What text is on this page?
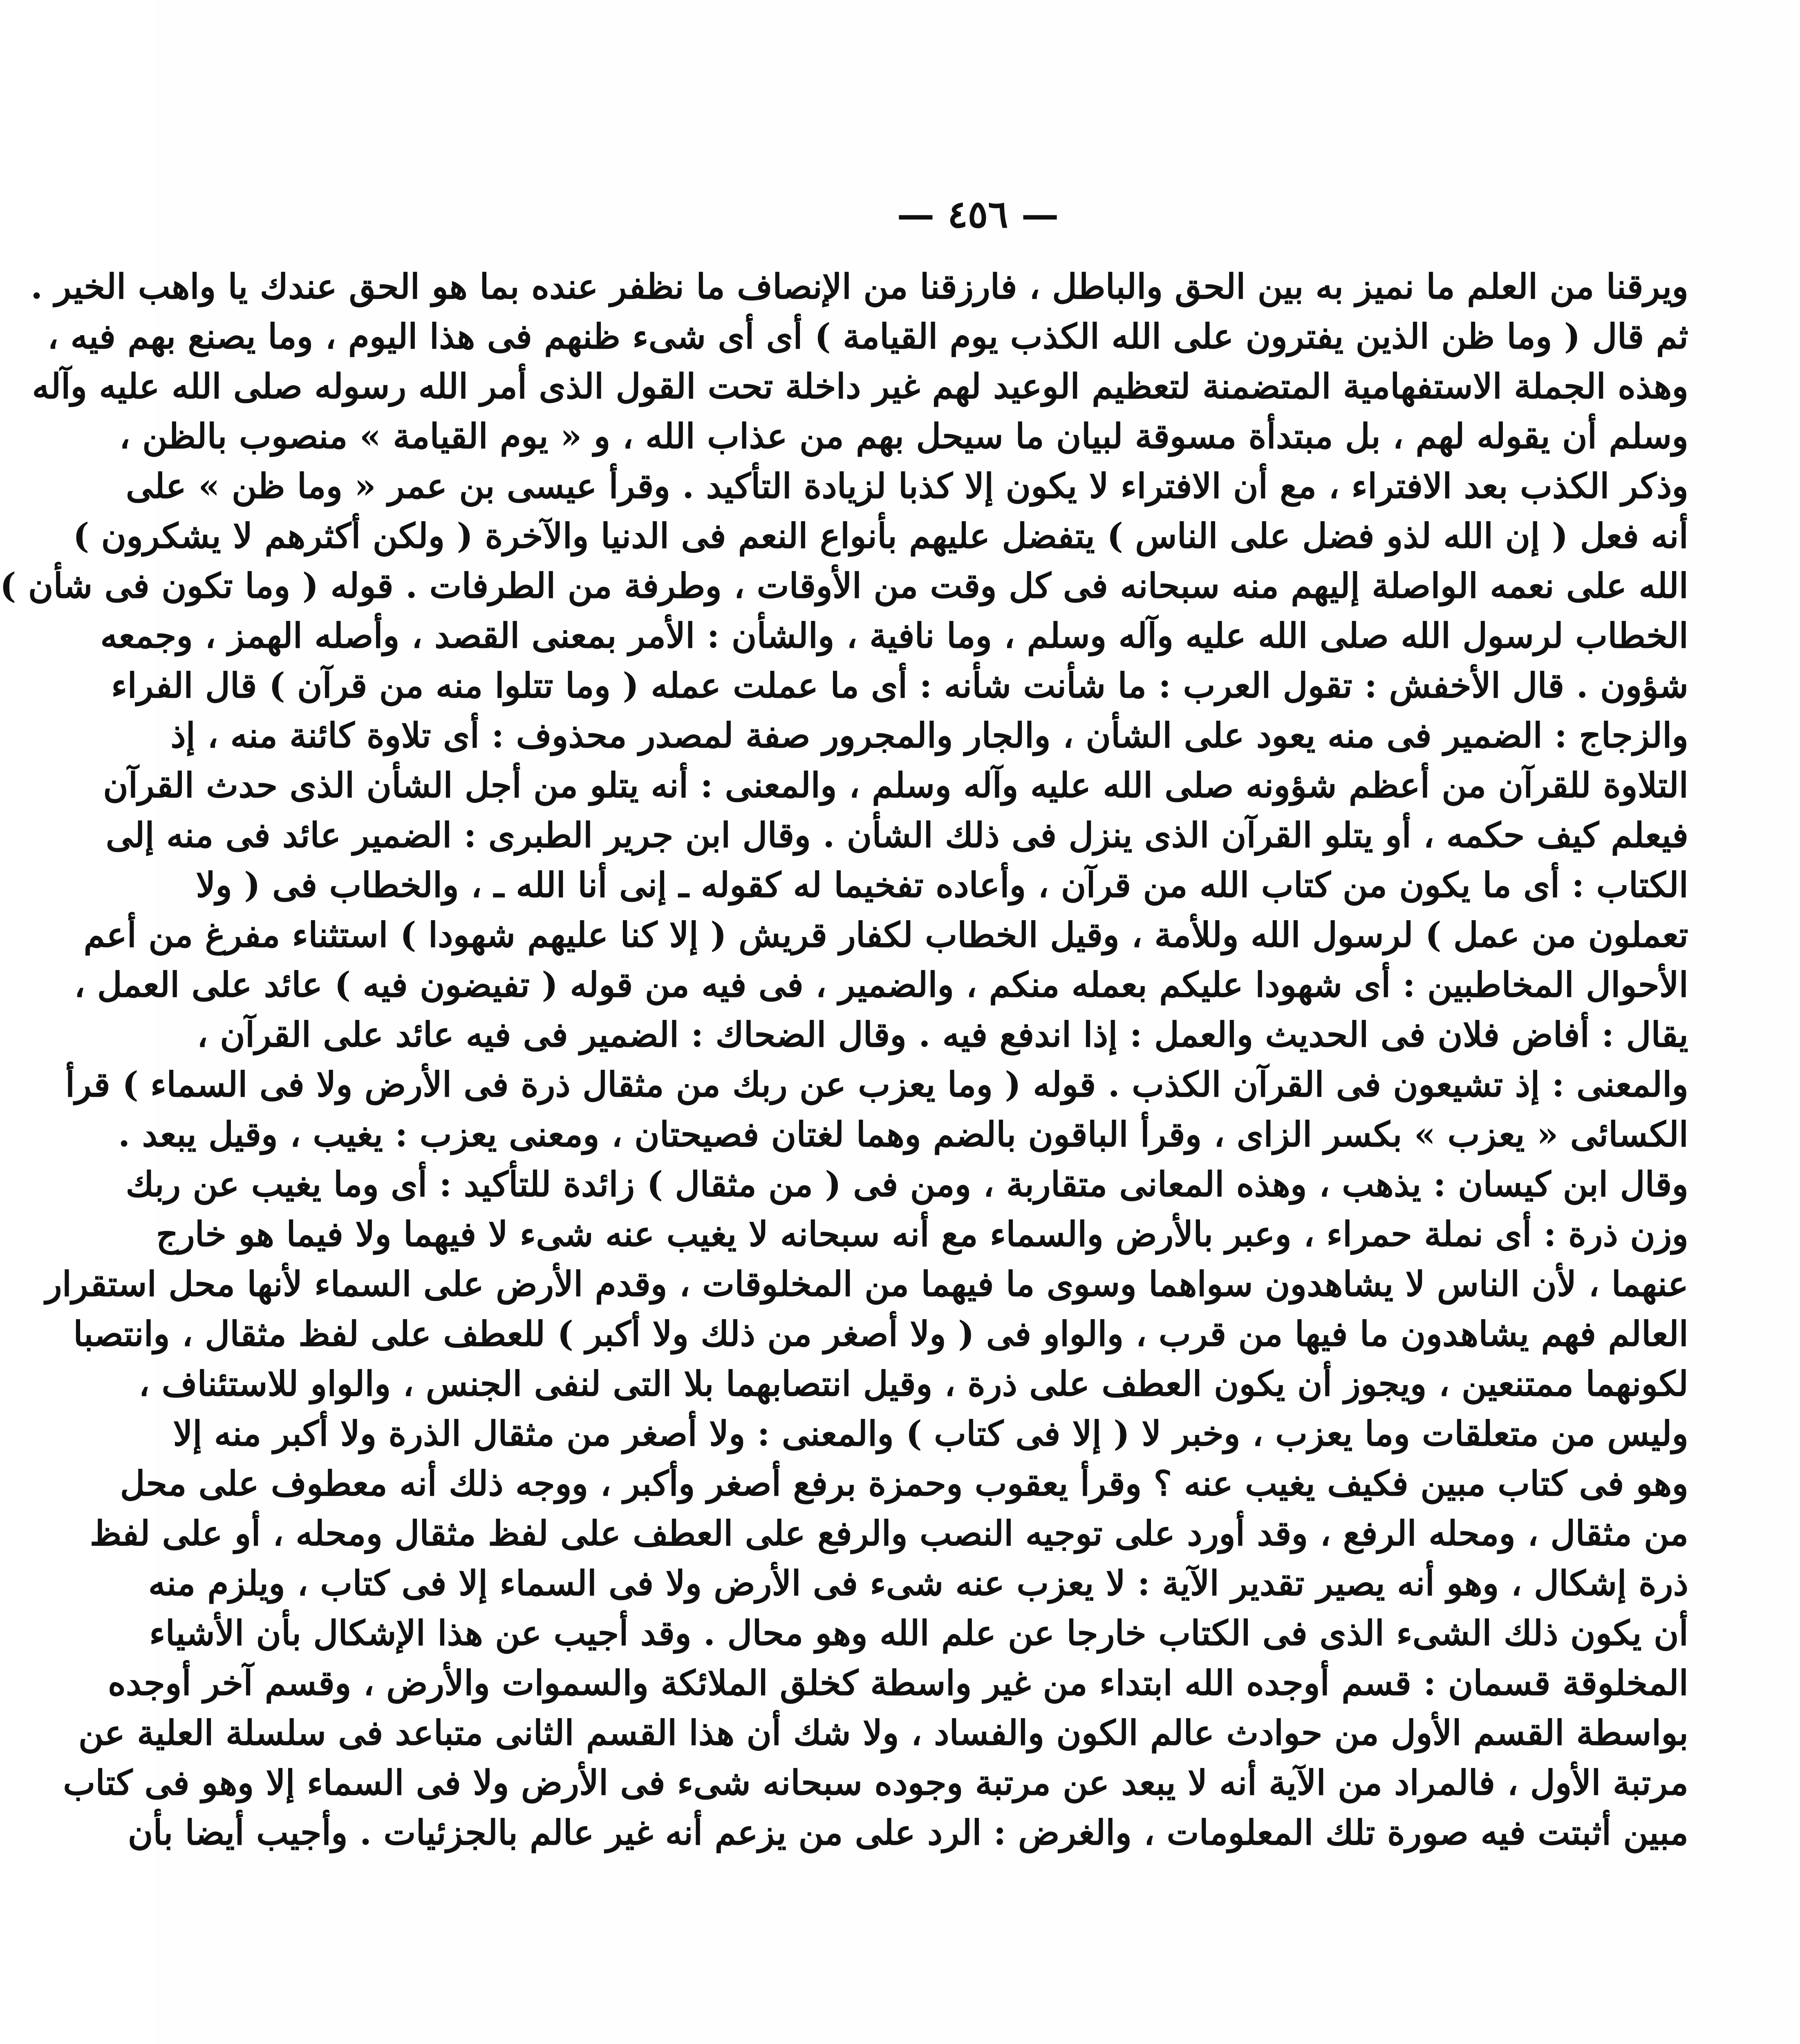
— ٤٥٦ —
ويرقنا من العلم ما نميز به بين الحق والباطل ، فارزقنا من الإنصاف ما نظفر عنده بما هو الحق عندك يا واهب الخير .
ثم قال ( وما ظن الذين يفترون على الله الكذب يوم القيامة ) أى أى شىء ظنهم فى هذا اليوم ، وما يصنع بهم فيه ،
وهذه الجملة الاستفهامية المتضمنة لتعظيم الوعيد لهم غير داخلة تحت القول الذى أمر الله رسوله صلى الله عليه وآله
وسلم أن يقوله لهم ، بل مبتدأة مسوقة لبيان ما سيحل بهم من عذاب الله ، و « يوم القيامة » منصوب بالظن ،
وذكر الكذب بعد الافتراء ، مع أن الافتراء لا يكون إلا كذبا لزيادة التأكيد . وقرأ عيسى بن عمر « وما ظن » على
أنه فعل ( إن الله لذو فضل على الناس ) يتفضل عليهم بأنواع النعم فى الدنيا والآخرة ( ولكن أكثرهم لا يشكرون )
الله على نعمه الواصلة إليهم منه سبحانه فى كل وقت من الأوقات ، وطرفة من الطرفات . قوله ( وما تكون فى شأن )
الخطاب لرسول الله صلى الله عليه وآله وسلم ، وما نافية ، والشأن : الأمر بمعنى القصد ، وأصله الهمز ، وجمعه
شؤون . قال الأخفش : تقول العرب : ما شأنت شأنه : أى ما عملت عمله ( وما تتلوا منه من قرآن ) قال الفراء
والزجاج : الضمير فى منه يعود على الشأن ، والجار والمجرور صفة لمصدر محذوف : أى تلاوة كائنة منه ، إذ
التلاوة للقرآن من أعظم شؤونه صلى الله عليه وآله وسلم ، والمعنى : أنه يتلو من أجل الشأن الذى حدث القرآن
فيعلم كيف حكمه ، أو يتلو القرآن الذى ينزل فى ذلك الشأن . وقال ابن جرير الطبرى : الضمير عائد فى منه إلى
الكتاب : أى ما يكون من كتاب الله من قرآن ، وأعاده تفخيما له كقوله ـ إنى أنا الله ـ ، والخطاب فى ( ولا
تعملون من عمل ) لرسول الله وللأمة ، وقيل الخطاب لكفار قريش ( إلا كنا عليهم شهودا ) استثناء مفرغ من أعم
الأحوال المخاطبين : أى شهودا عليكم بعمله منكم ، والضمير ، فى فيه من قوله ( تفيضون فيه ) عائد على العمل ،
يقال : أفاض فلان فى الحديث والعمل : إذا اندفع فيه . وقال الضحاك : الضمير فى فيه عائد على القرآن ،
والمعنى : إذ تشيعون فى القرآن الكذب . قوله ( وما يعزب عن ربك من مثقال ذرة فى الأرض ولا فى السماء ) قرأ
الكسائى « يعزب » بكسر الزاى ، وقرأ الباقون بالضم وهما لغتان فصيحتان ، ومعنى يعزب : يغيب ، وقيل يبعد .
وقال ابن كيسان : يذهب ، وهذه المعانى متقاربة ، ومن فى ( من مثقال ) زائدة للتأكيد : أى وما يغيب عن ربك
وزن ذرة : أى نملة حمراء ، وعبر بالأرض والسماء مع أنه سبحانه لا يغيب عنه شىء لا فيهما ولا فيما هو خارج
عنهما ، لأن الناس لا يشاهدون سواهما وسوى ما فيهما من المخلوقات ، وقدم الأرض على السماء لأنها محل استقرار
العالم فهم يشاهدون ما فيها من قرب ، والواو فى ( ولا أصغر من ذلك ولا أكبر ) للعطف على لفظ مثقال ، وانتصبا
لكونهما ممتنعين ، ويجوز أن يكون العطف على ذرة ، وقيل انتصابهما بلا التى لنفى الجنس ، والواو للاستئناف ،
وليس من متعلقات وما يعزب ، وخبر لا ( إلا فى كتاب ) والمعنى : ولا أصغر من مثقال الذرة ولا أكبر منه إلا
وهو فى كتاب مبين فكيف يغيب عنه ؟ وقرأ يعقوب وحمزة برفع أصغر وأكبر ، ووجه ذلك أنه معطوف على محل
من مثقال ، ومحله الرفع ، وقد أورد على توجيه النصب والرفع على العطف على لفظ مثقال ومحله ، أو على لفظ
ذرة إشكال ، وهو أنه يصير تقدير الآية : لا يعزب عنه شىء فى الأرض ولا فى السماء إلا فى كتاب ، ويلزم منه
أن يكون ذلك الشىء الذى فى الكتاب خارجا عن علم الله وهو محال . وقد أجيب عن هذا الإشكال بأن الأشياء
المخلوقة قسمان : قسم أوجده الله ابتداء من غير واسطة كخلق الملائكة والسموات والأرض ، وقسم آخر أوجده
بواسطة القسم الأول من حوادث عالم الكون والفساد ، ولا شك أن هذا القسم الثانى متباعد فى سلسلة العلية عن
مرتبة الأول ، فالمراد من الآية أنه لا يبعد عن مرتبة وجوده سبحانه شىء فى الأرض ولا فى السماء إلا وهو فى كتاب
مبين أثبتت فيه صورة تلك المعلومات ، والغرض : الرد على من يزعم أنه غير عالم بالجزئيات . وأجيب أيضا بأن
